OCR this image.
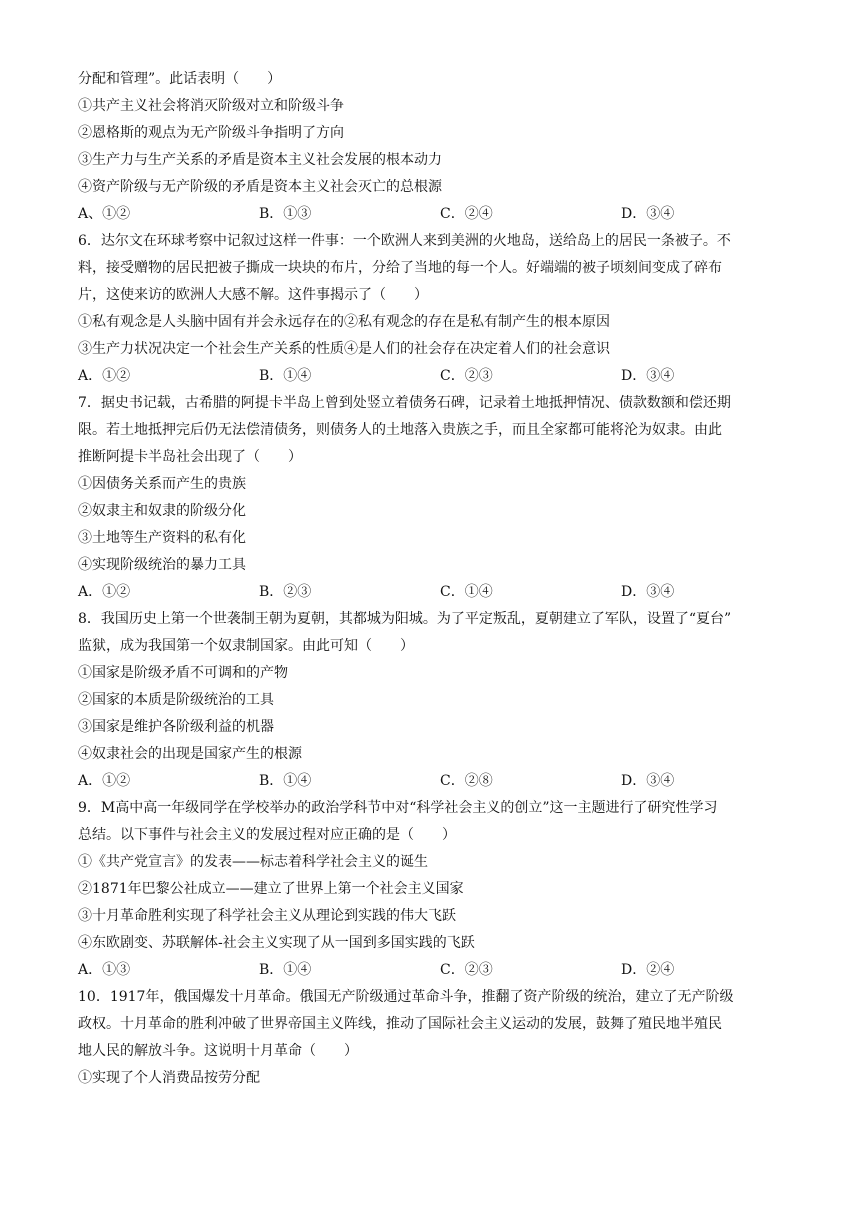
分配和管理”。此话表明（　　）
①共产主义社会将消灭阶级对立和阶级斗争
②恩格斯的观点为无产阶级斗争指明了方向
③生产力与生产关系的矛盾是资本主义社会发展的根本动力
④资产阶级与无产阶级的矛盾是资本主义社会灭亡的总根源
A、①②	B．①③	C．②④	D．③④
6．达尔文在环球考察中记叙过这样一件事：一个欧洲人来到美洲的火地岛，送给岛上的居民一条被子。不
料，接受赠物的居民把被子撕成一块块的布片，分给了当地的每一个人。好端端的被子顷刻间变成了碎布
片，这使来访的欧洲人大感不解。这件事揭示了（　　）
①私有观念是人头脑中固有并会永远存在的②私有观念的存在是私有制产生的根本原因
③生产力状况决定一个社会生产关系的性质④是人们的社会存在决定着人们的社会意识
A．①②	B．①④	C．②③	D．③④
7．据史书记载，古希腊的阿提卡半岛上曾到处竖立着债务石碑，记录着土地抵押情况、债款数额和偿还期
限。若土地抵押完后仍无法偿清债务，则债务人的土地落入贵族之手，而且全家都可能将沦为奴隶。由此
推断阿提卡半岛社会出现了（　　）
①因债务关系而产生的贵族
②奴隶主和奴隶的阶级分化
③土地等生产资料的私有化
④实现阶级统治的暴力工具
A．①②	B．②③	C．①④	D．③④
8．我国历史上第一个世袭制王朝为夏朝，其都城为阳城。为了平定叛乱，夏朝建立了军队，设置了“夏台”
监狱，成为我国第一个奴隶制国家。由此可知（　　）
①国家是阶级矛盾不可调和的产物
②国家的本质是阶级统治的工具
③国家是维护各阶级利益的机器
④奴隶社会的出现是国家产生的根源
A．①②	B．①④	C．②⑧	D．③④
9．M高中高一年级同学在学校举办的政治学科节中对“科学社会主义的创立”这一主题进行了研究性学习
总结。以下事件与社会主义的发展过程对应正确的是（　　）
①《共产党宣言》的发表——标志着科学社会主义的诞生
②1871年巴黎公社成立——建立了世界上第一个社会主义国家
③十月革命胜利实现了科学社会主义从理论到实践的伟大飞跃
④东欧剧变、苏联解体-社会主义实现了从一国到多国实践的飞跃
A．①③	B．①④	C．②③	D．②④
10．1917年，俄国爆发十月革命。俄国无产阶级通过革命斗争，推翻了资产阶级的统治，建立了无产阶级
政权。十月革命的胜利冲破了世界帝国主义阵线，推动了国际社会主义运动的发展，鼓舞了殖民地半殖民
地人民的解放斗争。这说明十月革命（　　）
①实现了个人消费品按劳分配
